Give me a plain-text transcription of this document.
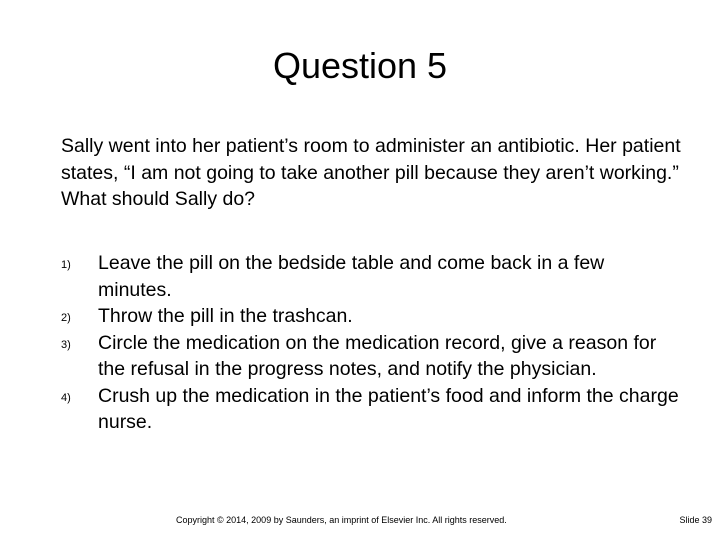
Question 5
Sally went into her patient’s room to administer an antibiotic. Her patient states, “I am not going to take another pill because they aren’t working.” What should Sally do?
1) Leave the pill on the bedside table and come back in a few minutes.
2) Throw the pill in the trashcan.
3) Circle the medication on the medication record, give a reason for the refusal in the progress notes, and notify the physician.
4) Crush up the medication in the patient’s food and inform the charge nurse.
Copyright © 2014, 2009 by Saunders, an imprint of Elsevier Inc. All rights reserved.	Slide 39
